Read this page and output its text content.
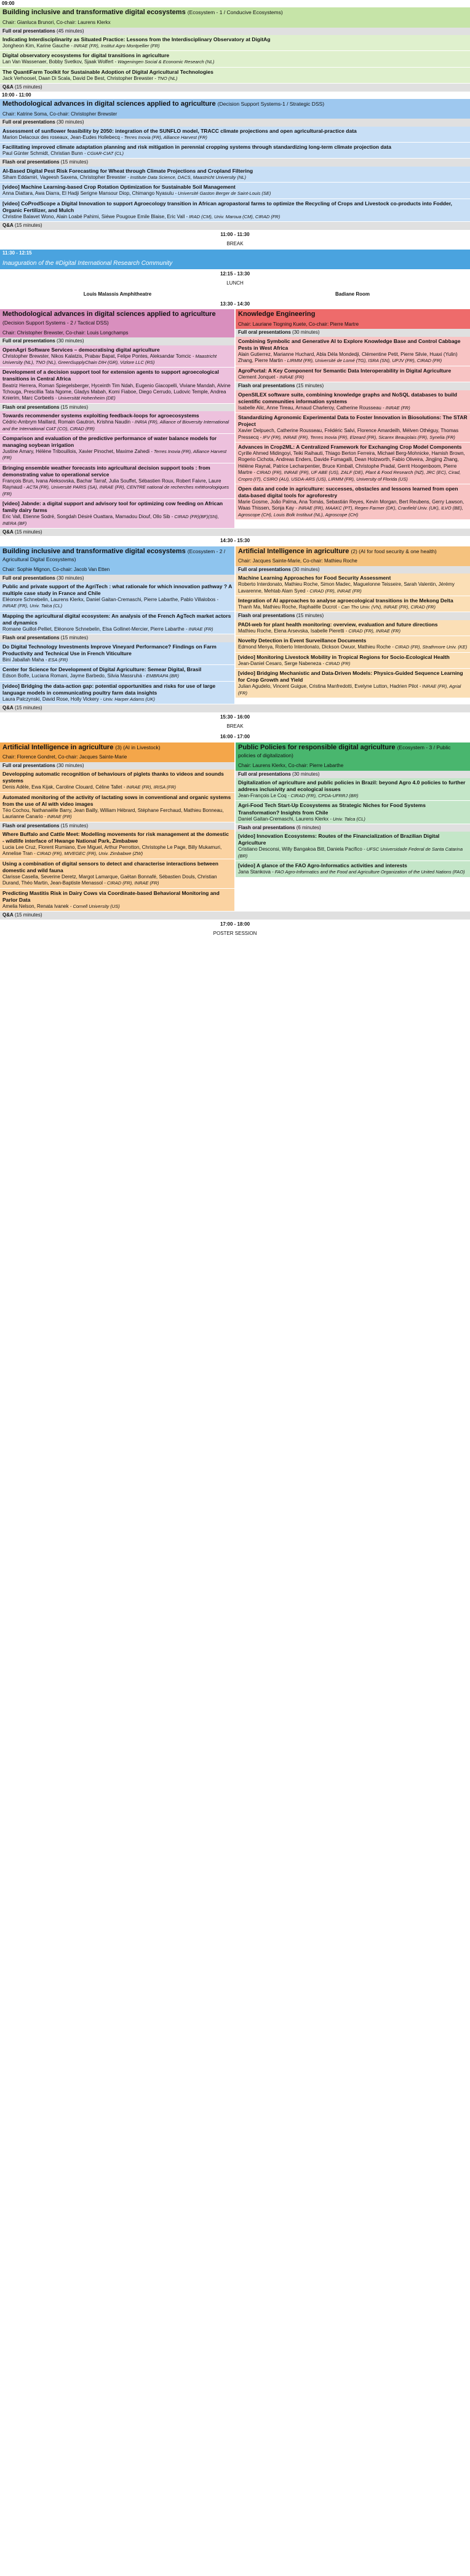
09:00
Building inclusive and transformative digital ecosystems (Ecosystem - 1 / Conducive Ecosystems)
Chair: Gianluca Brunori, Co-chair: Laurens Klerkx
Full oral presentations (45 minutes)
Indicating Interdisciplinarity as Situated Practice: Lessons from the Interdisciplinary Observatory at DigitAg
Jongheon Kim, Karine Gauche - INRAE (FR), Institut Agro Montpellier (FR)
Digital observatory ecosystems for digital transitions in agriculture
Lan Van Wassenaer, Bobby Svetkov, Sjaak Wolfert - Wageningen Social & Economic Research (NL)
The QuantiFarm Toolkit for Sustainable Adoption of Digital Agricultural Technologies
Jack Verhoosel, Daan Di Scala, David De Best, Christopher Brewster - TNO (NL)
Q&A (15 minutes)
10:00 - 11:00
Methodological advances in digital sciences applied to agriculture (Decision Support Systems-1 / Strategic DSS)
Chair: Katrine Soma, Co-chair: Christopher Brewster
Full oral presentations (30 minutes)
Assessment of sunflower feasibility by 2050: integration of the SUNFLO model, TRACC climate projections and open agricultural-practice data
Marion Delacoux des roseaux, Jean-Eudes Hollebecq - Terres Inovia (FR), Alliance Harvest (FR)
Facilitating improved climate adaptation planning and risk mitigation in perennial cropping systems through standardizing long-term climate projection data
Paul Günter Schmidt, Christian Bunn - CGIAR-CIAT (CL)
Flash oral presentations (15 minutes)
AI-Based Digital Pest Risk Forecasting for Wheat through Climate Projections and Cropland Filtering
Siham Eddamiri, Vageesh Saxena, Christopher Brewster - Institute Data Science, DACS, Maastricht University (NL)
[video] Machine Learning-based Crop Rotation Optimization for Sustainable Soil Management
Anna Diattara, Awa Diarra, El Hadji Serigne Mansour Diop, Chimango Nyasulu - Université Gaston Berger de Saint-Louis (SE)
[video] CoProdScope a Digital Innovation to support Agroecology transition in African agropastoral farms to optimize the Recycling of Crops and Livestock co-products into Fodder, Organic Fertilizer, and Mulch
Christine Balavet Wono, Alain Loabé Pahimi, Siéwe Pougoue Emile Blaise, Eric Vall - IRAD (CM), Univ. Maroua (CM), CIRAD (FR)
Q&A (15 minutes)
11:00 - 11:30
BREAK
11:30 - 12:15
Inauguration of the #Digital International Research Community
12:15 - 13:30
LUNCH
Louis Malassis Amphitheatre	Badiane Room
13:30 - 14:30
Methodological advances in digital sciences applied to agriculture (Decision Support Systems - 2 / Tactical DSS)
Chair: Christopher Brewster, Co-chair: Louis Longchamps
Full oral presentations (30 minutes)
OpenAgri Software Services – democratising digital agriculture
Christopher Brewster, Nikos Kalatzis, Prabav Bapat, Felipe Pontes, Aleksandar Tomcic - Maastricht University (NL), TNO (NL), GreenSupplyChain DIH (GR), Vizlore LLC (RS)
Development of a decision support tool for extension agents to support agroecological transitions in Central Africa
Beatriz Herrera, Roman Spiegelsberger, Hyceinth Tim Ndah, Eugenio Giacopelli, Viviane Mandah, Alvine Tchouga, Prescillia Tata Ngome, Gladys Mabah, Komi Fiaboe, Diego Cerrudo, Ludovic Temple, Andrea Knierim, Marc Corbeels - Universität Hohenheim (DE)
Flash oral presentations (15 minutes)
Towards recommender systems exploiting feedback-loops for agroecosystems
Cédric-Ambrym Maillard, Romain Gautron, Krishna Naudin - INRIA (FR), Alliance of Bioversity International and the International CIAT (CO), CIRAD (FR)
Comparison and evaluation of the predictive performance of water balance models for managing soybean irrigation
Justine Amary, Hélène Tribouillois, Xavier Pinochet, Maxime Zahedi - Terres Inovia (FR), Alliance Harvest (FR)
Bringing ensemble weather forecasts into agricultural decision support tools : from demonstrating value to operational service
François Brun, Ivana Aleksovska, Bachar Tarraf, Julia Souffet, Sébastien Roux, Robert Faivre, Laure Raynaud - ACTA (FR), Université PARIS (SA), INRAE (FR), CENTRE national de recherches météorologiques (FR)
[video] Jabnde: a digital support and advisory tool for optimizing cow feeding on African family dairy farms
Eric Vall, Etienne Sodré, Songdah Désiré Ouattara, Mamadou Diouf, Ollo Sib - CIRAD (FR)(BF)(SN), INERA (BF)
Knowledge Engineering
Chair: Lauriane Tiogning Kuete, Co-chair: Pierre Martre
Full oral presentations (30 minutes)
Combining Symbolic and Generative AI to Explore Knowledge Base and Control Cabbage Pests in West Africa
Alain Gutierrez, Marianne Huchard, Abla Déla Mondedji, Clémentine Petit, Pierre Silvie, Huaxi (Yulin) Zhang, Pierre Martin - LIRMM (FR), Université de Lomé (TG), ISRA (SN), UPJV (FR), CIRAD (FR)
AgroPortal: A Key Component for Semantic Data Interoperability in Digital Agriculture
Clement Jonquet - INRAE (FR)
Flash oral presentations (15 minutes)
OpenSILEX software suite, combining knowledge graphs and NoSQL databases to build scientific communities information systems
Isabelle Alic, Anne Tireau, Arnaud Charleroy, Catherine Rousseau - INRAE (FR)
Standardizing Agronomic Experimental Data to Foster Innovation in Biosolutions: The STAR Project
Xavier Delpuech, Catherine Rousseau, Frédéric Salvi, Florence Amardeilh, Mélven Othéguy, Thomas Pressecq - IFV (FR), INRAE (FR), Terres Inovia (FR), Elzeard (FR), Sicarex Beaujolais (FR), Synelia (FR)
Advances in Crop2ML: A Centralized Framework for Exchanging Crop Model Components
Cyrille Ahmed Midingoyi, Teiki Raihauti, Thiago Berton Ferreira, Michael Berg-Mohnicke, Hamish Brown, Rogerio Cichota, Andreas Enders, Davide Fumagalli, Dean Holzworth, Fabio Oliveira, Jingjing Zhang, Hélène Raynal, Patrice Lecharpentier, Bruce Kimball, Christophe Pradal, Gerrit Hoogenboom, Pierre Martre - CIRAD (FR), INRAE (FR), UF ABE (US), ZALF (DE), Plant & Food Research (NZ), JRC (EC), Cirad, Cropro (IT), CSIRO (AU), USDA-ARS (US), LIRMM (FR), University of Florida (US)
Open data and code in agriculture: successes, obstacles and lessons learned from open data-based digital tools for agroforestry
Marie Gosme, João Palma, Ana Tomás, Sebastián Reyes, Kevin Morgan, Bert Reubens, Gerry Lawson, Waas Thissen, Sonja Kay - INRAE (FR), MAAKC (PT), Regen Farmer (DK), Cranfield Univ. (UK), ILVO (BE), Agroscope (CH), Louis Bolk Instituut (NL), Agroscope (CH)
Q&A (15 minutes)
14:30 - 15:30
Building inclusive and transformative digital ecosystems (Ecosystem - 2 / Agricultural Digital Ecosystems)
Chair: Sophie Mignon, Co-chair: Jacob Van Etten
Full oral presentations (30 minutes)
Public and private support of the AgriTech : what rationale for which innovation pathway ? A multiple case study in France and Chile
Eléonore Schnebelin, Laurens Klerkx, Daniel Gaitan-Cremaschi, Pierre Labarthe, Pablo Villalobos - INRAE (FR), Univ. Talca (CL)
Mapping the agricultural digital ecosystem: An analysis of the French AgTech market actors and dynamics
Romane Guillot-Pelliet, Eléonore Schnebelin, Elsa Gollinet-Mercier, Pierre Labarthe - INRAE (FR)
Flash oral presentations (15 minutes)
Do Digital Technology Investments Improve Vineyard Performance? Findings on Farm Productivity and Technical Use in French Viticulture
Bini Jaballah Maha - ESA (FR)
Center for Science for Development of Digital Agriculture: Semear Digital, Brasil
Edson Bolfe, Luciana Romani, Jayme Barbedo, Silvia Massruhá - EMBRAPA (BR)
[video] Bridging the data-action gap: potential opportunities and risks for use of large language models in communicating poultry farm data insights
Laura Palczynski, David Rose, Holly Vickery - Univ. Harper Adams (UK)
Artificial Intelligence in agriculture (2) (AI for food security & one health)
Chair: Jacques Sainte-Marie, Co-chair: Mathieu Roche
Full oral presentations (30 minutes)
Machine Learning Approaches for Food Security Assessment
Roberto Interdonato, Mathieu Roche, Simon Madec, Maguelonne Teisseire, Sarah Valentin, Jérémy Lavarenne, Mehtab Alam Syed - CIRAD (FR), INRAE (FR)
Integration of AI approaches to analyse agroecological transitions in the Mekong Delta
Thanh Ma, Mathieu Roche, Raphaëlle Ducrot - Can Tho Univ. (VN), INRAE (FR), CIRAD (FR)
Flash oral presentations (15 minutes)
PADI-web for plant health monitoring: overview, evaluation and future directions
Mathieu Roche, Elena Arsevska, Isabelle Pieretti - CIRAD (FR), INRAE (FR)
Novelty Detection in Event Surveillance Documents
Edmond Menya, Roberto Interdonato, Dickson Owuor, Mathieu Roche - CIRAD (FR), Strathmore Univ. (KE)
[video] Monitoring Livestock Mobility in Tropical Regions for Socio-Ecological Health
Jean-Daniel Cesaro, Serge Nabeneza - CIRAD (FR)
[video] Bridging Mechanistic and Data-Driven Models: Physics-Guided Sequence Learning for Crop Growth and Yield
Julian Agudelo, Vincent Guigue, Cristina Manfredotti, Evelyne Lutton, Hadrien Pilot - INRAE (FR), Agrial (FR)
Q&A (15 minutes)
15:30 - 16:00
BREAK
16:00 - 17:00
Artificial Intelligence in agriculture (3) (AI in Livestock)
Chair: Florence Gondret, Co-chair: Jacques Sainte-Marie
Full oral presentations (30 minutes)
Developping automatic recognition of behaviours of piglets thanks to videos and sounds systems
Denis Adèle, Ewa Kijak, Caroline Clouard, Céline Tallet - INRAE (FR), IRISA (FR)
Automated monitoring of the activity of lactating sows in conventional and organic systems from the use of AI with video images
Téo Cochou, Nathanaëlle Barry, Jean Bailly, William Hébrard, Stéphane Ferchaud, Mathieu Bonneau, Laurianne Canario - INRAE (FR)
Flash oral presentations (15 minutes)
Where Buffalo and Cattle Meet: Modelling movements for risk management at the domestic - wildlife interface of Hwange National Park, Zimbabwe
Lucia Lee Cruz, Florent Rumiano, Eve Miguel, Arthur Perrotton, Christophe Le Page, Billy Mukamuri, Annelise Tran - CIRAD (FR), MIVEGEC (FR), Univ. Zimbabwe (ZW)
Using a combination of digital sensors to detect and characterise interactions between domestic and wild fauna
Clarisse Casella, Severine Deretz, Margot Lamarque, Gaëtan Bonnafé, Sébastien Douls, Christian Durand, Théo Martin, Jean-Baptiste Menassol - CIRAD (FR), INRAE (FR)
Predicting Mastitis Risk in Dairy Cows via Coordinate-based Behavioral Monitoring and Parlor Data
Amelia Nelson, Renata Ivanek - Cornell University (US)
Public Policies for responsible digital agriculture (Ecosystem - 3 / Public policies of digitalization)
Chair: Laurens Klerkx, Co-chair: Pierre Labarthe
Full oral presentations (30 minutes)
Digitalization of agriculture and public policies in Brazil: beyond Agro 4.0 policies to further address inclusivity and ecological issues
Jean-François Le Coq - CIRAD (FR), CPDA-UFRRJ (BR)
Agri-Food Tech Start-Up Ecosystems as Strategic Niches for Food Systems Transformation? Insights from Chile
Daniel Gaitan-Cremaschi, Laurens Klerkx - Univ. Talca (CL)
Flash oral presentations (6 minutes)
[video] Innovation Ecosystems: Routes of the Financialization of Brazilian Digital Agriculture
Cristiano Desconsi, Willy Bangakoa Bitt, Daniela Pacifico - UFSC Universidade Federal de Santa Catarina (BR)
[video] A glance of the FAO Agro-Informatics activities and interests
Jana Stankova - FAO Agro-Informatics and the Food and Agriculture Organization of the United Nations (FAO)
Q&A (15 minutes)
17:00 - 18:00
POSTER SESSION
